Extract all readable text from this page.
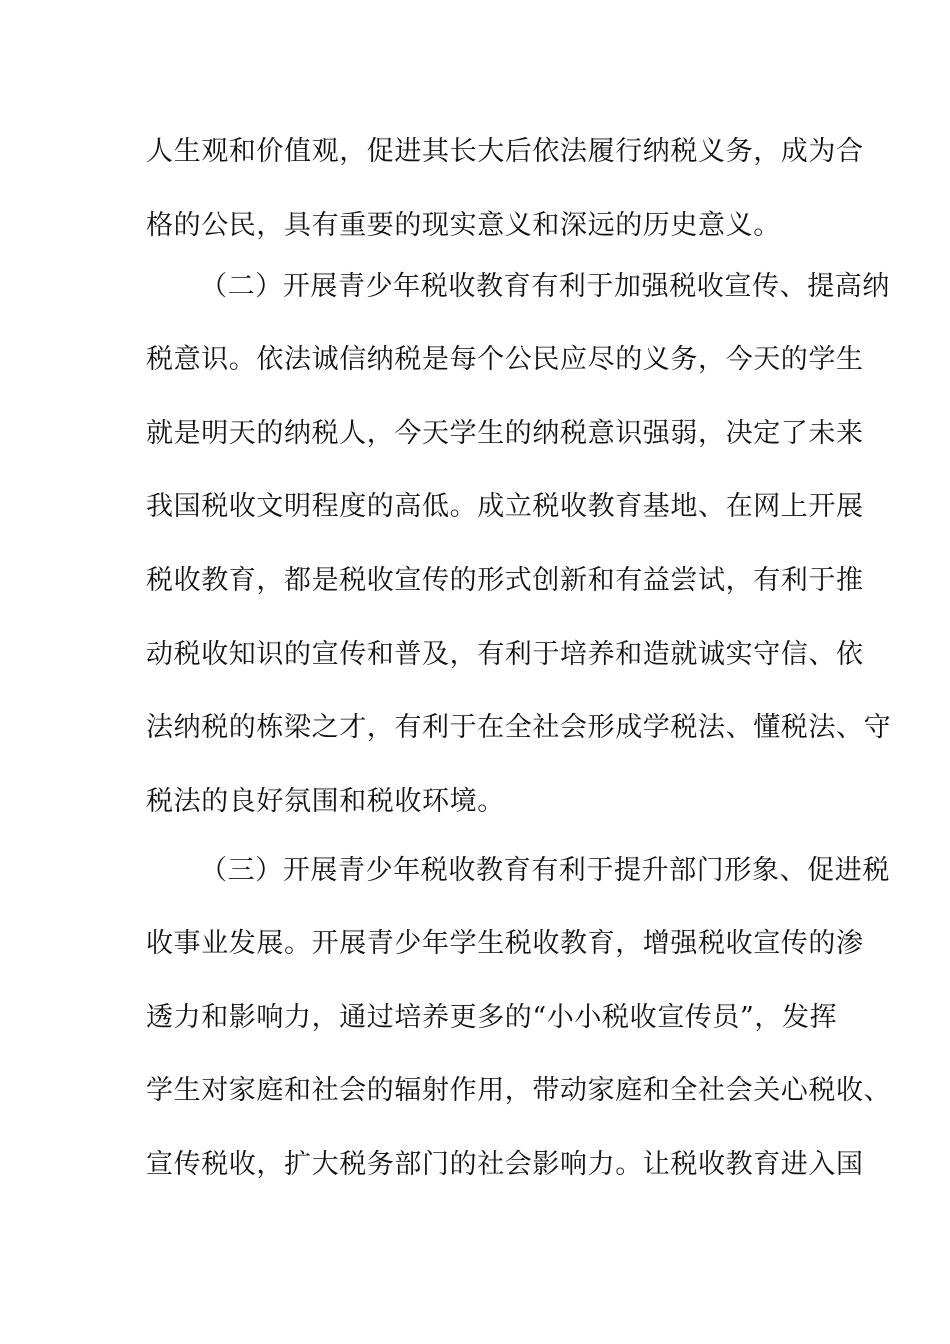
人生观和价值观，促进其长大后依法履行纳税义务，成为合
格的公民，具有重要的现实意义和深远的历史意义。
（二）开展青少年税收教育有利于加强税收宣传、提高纳
税意识。依法诚信纳税是每个公民应尽的义务，今天的学生
就是明天的纳税人，今天学生的纳税意识强弱，决定了未来
我国税收文明程度的高低。成立税收教育基地、在网上开展
税收教育，都是税收宣传的形式创新和有益尝试，有利于推
动税收知识的宣传和普及，有利于培养和造就诚实守信、依
法纳税的栋梁之才，有利于在全社会形成学税法、懂税法、守
税法的良好氛围和税收环境。
（三）开展青少年税收教育有利于提升部门形象、促进税
收事业发展。开展青少年学生税收教育，增强税收宣传的渗
透力和影响力，通过培养更多的“小小税收宣传员”，发挥
学生对家庭和社会的辐射作用，带动家庭和全社会关心税收、
宣传税收，扩大税务部门的社会影响力。让税收教育进入国
